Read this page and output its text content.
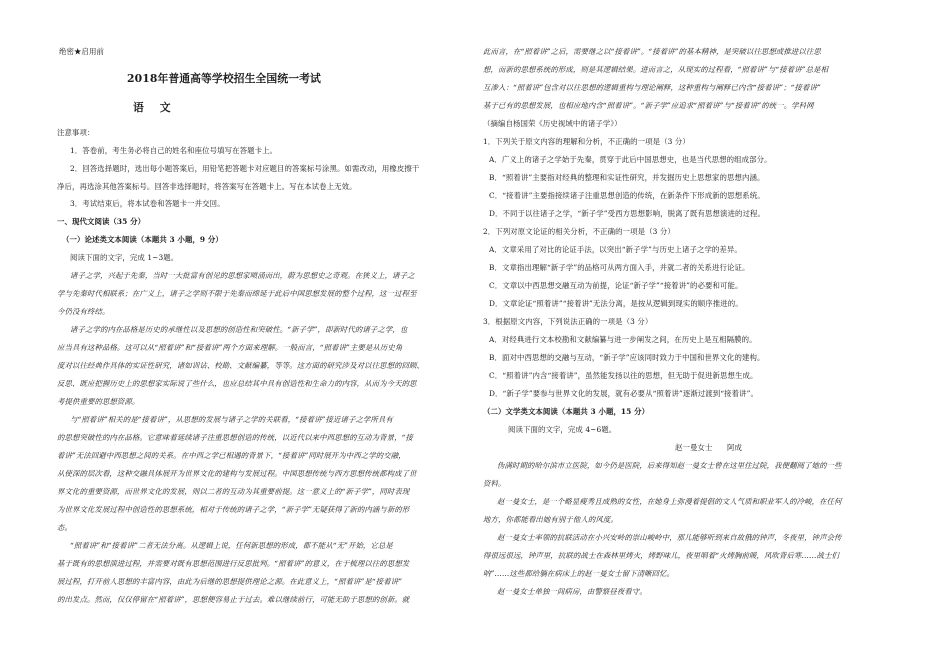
绝密★启用前
2018年普通高等学校招生全国统一考试
语文
注意事项：
1．答卷前，考生务必将自己的姓名和座位号填写在答题卡上。
2．回答选择题时，选出每小题答案后，用铅笔把答题卡对应题目的答案标号涂黑。如需改动，用橡皮擦干
净后，再选涂其他答案标号。回答非选择题时，将答案写在答题卡上。写在本试卷上无效。
3．考试结束后，将本试卷和答题卡一并交回。
一、现代文阅读（35 分）
（一）论述类文本阅读（本题共 3 小题，9 分）
阅读下面的文字，完成 1~3题。
诸子之学，兴起于先秦，当时一大批富有创见的思想家喷涌而出，蔚为思想史之奇观。在狭义上，诸子之
学与先秦时代相联系；在广义上，诸子之学则不限于先秦而绵延于此后中国思想发展的整个过程，这一过程至
今仍没有终结。
诸子之学的内在品格是历史的承继性以及思想的创造性和突破性。“新子学”，即新时代的诸子之学，也
应当具有这种品格。这可以从“照着讲”和“接着讲”两个方面来理解。一般而言，“照着讲”主要是从历史角
度对以往经典作具体的实证性研究，诸如训诂、校勘、文献编纂，等等。这方面的研究涉及对以往思想的回顾、
反思、既应把握历史上的思想家实际说了些什么，也应总结其中具有创造性和生命力的内容，从而为今天的思
考提供重要的思想资源。
与“照着讲”相关的是“接着讲”，从思想的发展与诸子之学的关联看，“接着讲”接近诸子之学所具有
的思想突破性的内在品格。它意味着延续诸子注重思想创造的传统，以近代以来中西思想的互动为背景，“接
着讲”无法回避中西思想之间的关系。在中西之学已相遇的背景下，“接着讲”同时展开为中西之学的交融，
从使深的层次看，这种交融具体展开为世界文化的建构与发展过程。中国思想传统与西方思想传统都构成了世
界文化的重要资源，而世界文化的发展，则以二者的互动为其重要前提。这一意义上的“新子学”，同时表现
为世界文化发展过程中创造性的思想系统，相对于传统的诸子之学，“新子学”无疑获得了新的内涵与新的形
态。
“照着讲”和“接着讲”二者无法分离。从逻辑上说，任何新思想的形成，都不能从“无”开始，它总是
基于既有的思想演进过程，并需要对既有思想范围进行反思批判。“照着讲”的意义，在于梳理以往的思想发
展过程，打开前人思想的丰富内容，由此为后继的思想提供理论之源。在此意义上，“照着讲”是“接着讲”
的出发点。然而，仅仅停留在“照着讲”，思想便容易止于过去。难以继续前行，可能无助于思想的创新。就
此而言，在“照着讲”之后，需要继之以“接着讲”。“接着讲”的基本精神，是突破以往思想或推进以往思
想，而新的思想系统的形成，则是其逻辑结果。进而言之，从现实的过程看，“照着讲”与“接着讲”总是相
互渗入：“照着讲”包含对以往思想的逻辑重构与理论阐释，这种重构与阐释已内含“接着讲”；“接着讲”
基于已有的思想发展，也相应地内含“照着讲”。“新子学”应追求“照着讲”与“接着讲”的统一。学科网
（摘编自杨国荣《历史视域中的诸子学》）
1．下列关于原文内容的理解和分析，不正确的一项是（3 分）
A．广义上的诸子之学始于先秦，贯穿于此后中国思想史，也是当代思想的组成部分。
B．“照着讲”主要指对经典的整理和实证性研究，并发掘历史上思想家的思想内涵。
C．“接着讲”主要指接续诸子注重思想创造的传统，在新条件下形成新的思想系统。
D．不同于以往诸子之学，“新子学”受西方思想影响，脱离了既有思想演进的过程。
2．下列对原文论证的相关分析，不正确的一项是（3 分）
A．文章采用了对比的论证手法，以突出“新子学”与历史上诸子之学的差异。
B．文章指出理解“新子学”的品格可从两方面入手，并就二者的关系进行论证。
C．文章以中西思想交融互动为前提，论证“新子学”“接着讲”的必要和可能。
D．文章论证“照着讲”“接着讲”无法分离，是按从逻辑到现实的顺序推进的。
3．根据原文内容，下列说法正确的一项是（3 分）
A．对经典进行文本校勘和文献编纂与进一步阐发之间，在历史上是互相隔膜的。
B．面对中西思想的交融与互动，“新子学”应该同时致力于中国和世界文化的建构。
C．“照着讲”内含“接着讲”，虽然能发扬以往的思想，但无助于促进新思想生成。
D．“新子学”要参与世界文化的发展，就有必要从“照着讲”逐渐过渡到“接着讲”。
（二）文学类文本阅读（本题共 3 小题，15 分）
阅读下面的文字，完成 4~6题。
赵一曼女士 阿成
伪满时期的哈尔滨市立医院，如今仍是医院，后来得知赵一曼女士曾在这里住过院，我便翻阅了她的一些
资料。
赵一曼女士，是一个略显瘦秀且成熟的女性，在她身上弥漫着提倡的文人气质和职业军人的冷峻，在任何
地方，你都能看出她有别于他人的风度。
赵一曼女士率领的抗联活动在小兴安岭的崇山峻岭中，那儿能够听到来自故俄的钟声，冬夜里，钟声会传
得很远很远，钟声里，抗联的战士在森林里烤火，烤野味儿，夜里唱着“火烤胸前暖，风吹背后寒……战士们
呐”……这些都给躺在病床上的赵一曼女士留下清晰回忆。
赵一曼女士单独一间病房，由警察昼夜看守。
